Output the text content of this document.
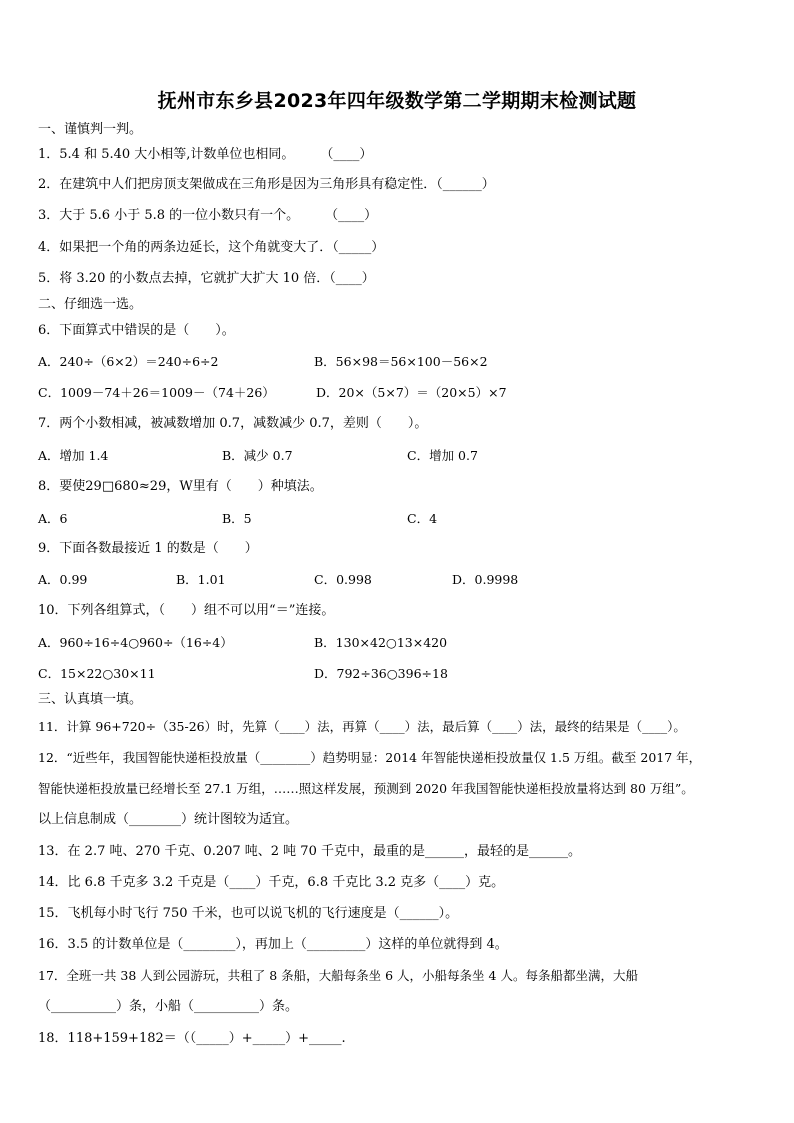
抚州市东乡县2023年四年级数学第二学期期末检测试题
一、谨慎判一判。
1．5.4 和 5.40 大小相等,计数单位也相同。　　　（____）
2．在建筑中人们把房顶支架做成在三角形是因为三角形具有稳定性．（______）
3．大于 5.6 小于 5.8 的一位小数只有一个。　　　（____）
4．如果把一个角的两条边延长，这个角就变大了．（_____）
5．将 3.20 的小数点去掉，它就扩大扩大 10 倍．（____）
二、仔细选一选。
6．下面算式中错误的是（　　）。
A．240÷（6×2）＝240÷6÷2	B．56×98＝56×100－56×2
C．1009－74＋26＝1009－（74＋26）	D．20×（5×7）＝（20×5）×7
7．两个小数相减，被减数增加 0.7，减数减少 0.7，差则（　　）。
A．增加 1.4	B．减少 0.7	C．增加 0.7
8．要使29□680≈29，W里有（　　）种填法。
A．6	B．5	C．4
9．下面各数最接近 1 的数是（　　）
A．0.99	B．1.01	C．0.998	D．0.9998
10．下列各组算式，（　　）组不可以用“＝”连接。
A．960÷16÷4○960÷（16÷4）	B．130×42○13×420
C．15×22○30×11	D．792÷36○396÷18
三、认真填一填。
11．计算 96+720÷（35-26）时，先算（____）法，再算（____）法，最后算（____）法，最终的结果是（____）。
12．“近些年，我国智能快递柜投放量（________）趋势明显：2014 年智能快递柜投放量仅 1.5 万组。截至 2017 年，
智能快递柜投放量已经增长至 27.1 万组，……照这样发展，预测到 2020 年我国智能快递柜投放量将达到 80 万组”。
以上信息制成（________）统计图较为适宜。
13．在 2.7 吨、270 千克、0.207 吨、2 吨 70 千克中，最重的是______，最轻的是______。
14．比 6.8 千克多 3.2 千克是（____）千克，6.8 千克比 3.2 克多（____）克。
15．飞机每小时飞行 750 千米，也可以说飞机的飞行速度是（______）。
16．3.5 的计数单位是（________），再加上（_________）这样的单位就得到 4。
17．全班一共 38 人到公园游玩，共租了 8 条船，大船每条坐 6 人，小船每条坐 4 人。每条船都坐满，大船
（__________）条，小船（__________）条。
18．118+159+182＝（（_____）+_____）+_____.
